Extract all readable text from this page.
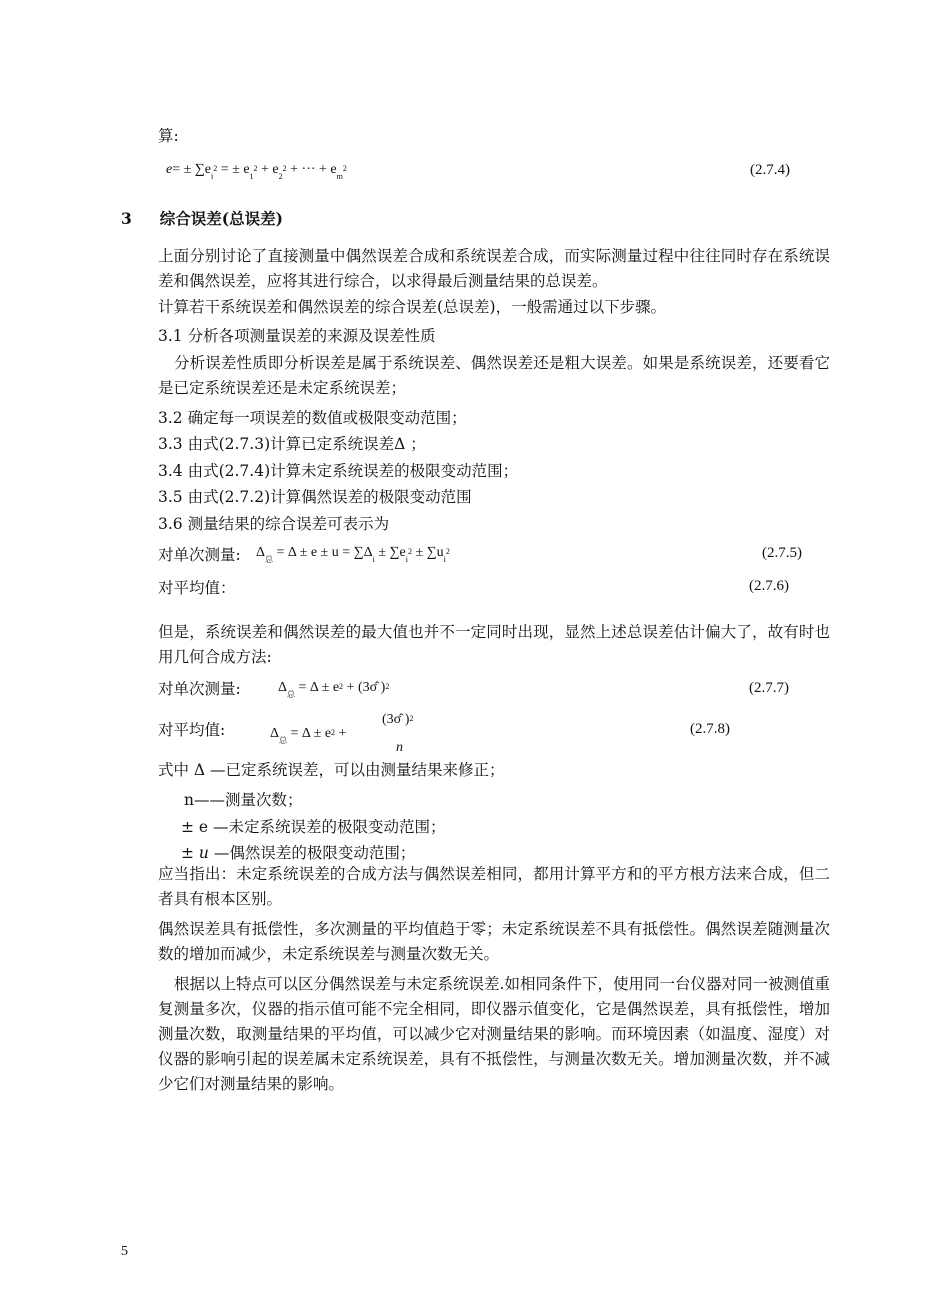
算:
$e= \pm \sum e_i2$ = ± $e_12 + e_22$ + ··· + $e_m2$	(2.7.4)
3 综合误差(总误差)
上面分别讨论了直接测量中偶然误差合成和系统误差合成，而实际测量过程中往往同时存在系统误差和偶然误差，应将其进行综合，以求得最后测量结果的总误差。
计算若干系统误差和偶然误差的综合误差(总误差)，一般需通过以下步骤。
3.1 分析各项测量误差的来源及误差性质
分析误差性质即分析误差是属于系统误差、偶然误差还是粗大误差。如果是系统误差，还要看它是已定系统误差还是未定系统误差；
3.2 确定每一项误差的数值或极限变动范围；
3.3 由式(2.7.3)计算已定系统误差Δ ；
3.4 由式(2.7.4)计算未定系统误差的极限变动范围；
3.5 由式(2.7.2)计算偶然误差的极限变动范围
3.6 测量结果的综合误差可表示为
对单次测量: $\Delta_总 = \Delta \pm e \pm u = \sum\Delta_i \pm \sum e_i2 \pm \sum u_i2$	(2.7.5)
对平均值：	(2.7.6)
但是，系统误差和偶然误差的最大值也并不一定同时出现，显然上述总误差估计偏大了，故有时也用几何合成方法:
对单次测量:	$\Delta_总 = \Delta \pm e2$ + (3σ̂ )2	(2.7.7)
对平均值:	$\Delta_总 = \Delta \pm e2$ +
(3σ̂ )2
n
(2.7.8)
式中 Δ —已定系统误差，可以由测量结果来修正；
n——测量次数；
± e —未定系统误差的极限变动范围；
± u —偶然误差的极限变动范围；
应当指出：未定系统误差的合成方法与偶然误差相同，都用计算平方和的平方根方法来合成，但二者具有根本区别。
偶然误差具有抵偿性，多次测量的平均值趋于零；未定系统误差不具有抵偿性。偶然误差随测量次数的增加而减少，未定系统误差与测量次数无关。
根据以上特点可以区分偶然误差与未定系统误差.如相同条件下，使用同一台仪器对同一被测值重复测量多次，仪器的指示值可能不完全相同，即仪器示值变化，它是偶然误差，具有抵偿性，增加测量次数，取测量结果的平均值，可以减少它对测量结果的影响。而环境因素（如温度、湿度）对仪器的影响引起的误差属未定系统误差，具有不抵偿性，与测量次数无关。增加测量次数，并不减少它们对测量结果的影响。
5
